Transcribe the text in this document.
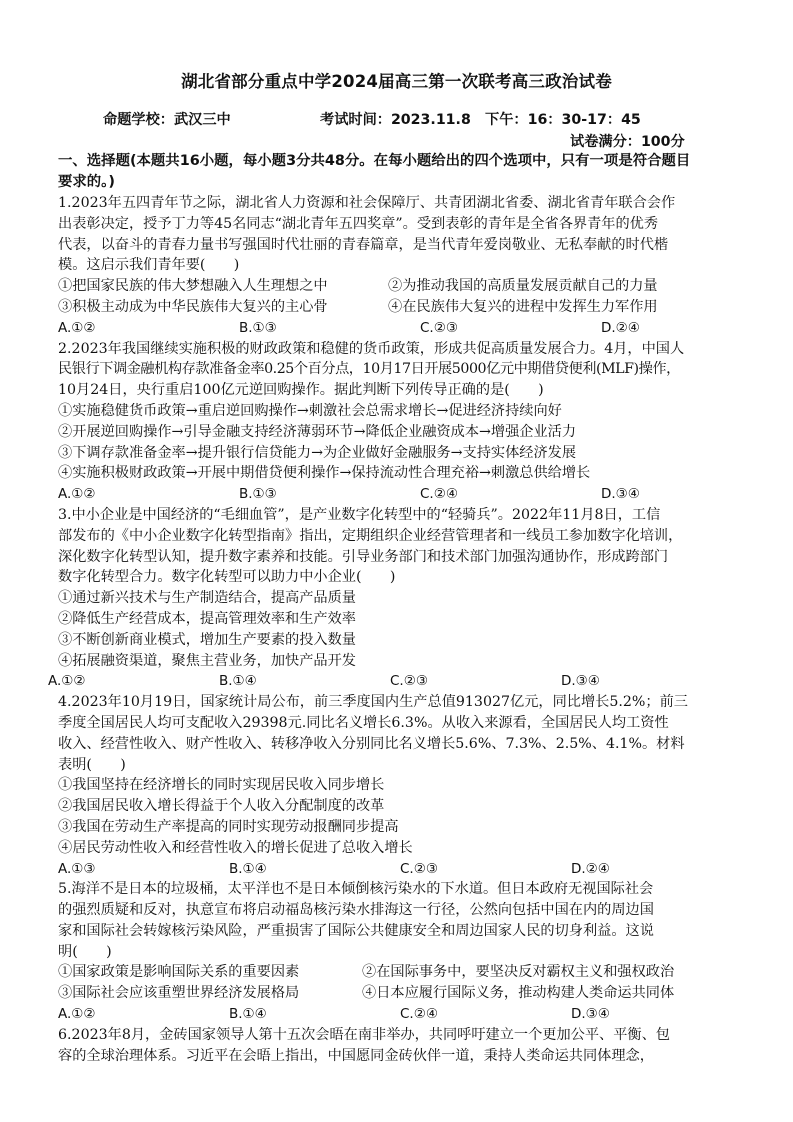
湖北省部分重点中学2024届高三第一次联考高三政治试卷
命题学校：武汉三中	考试时间：2023.11.8　下午：16：30-17：45
试卷满分：100分

一、选择题(本题共16小题，每小题3分共48分。在每小题给出的四个选项中，只有一项是符合题目

要求的。)

1.2023年五四青年节之际，湖北省人力资源和社会保障厅、共青团湖北省委、湖北省青年联合会作

出表彰决定，授予丁力等45名同志“湖北青年五四奖章”。受到表彰的青年是全省各界青年的优秀

代表，以奋斗的青春力量书写强国时代壮丽的青春篇章，是当代青年爱岗敬业、无私奉献的时代楷

模。这启示我们青年要(　　)

①把国家民族的伟大梦想融入人生理想之中	②为推动我国的高质量发展贡献自己的力量
③积极主动成为中华民族伟大复兴的主心骨	④在民族伟大复兴的进程中发挥生力军作用
A.①②	B.①③	C.②③	D.②④

2.2023年我国继续实施积极的财政政策和稳健的货币政策，形成共促高质量发展合力。4月，中国人

民银行下调金融机构存款准备金率0.25个百分点，10月17日开展5000亿元中期借贷便利(MLF)操作，

10月24日，央行重启100亿元逆回购操作。据此判断下列传导正确的是(　　)

①实施稳健货币政策→重启逆回购操作→刺激社会总需求增长→促进经济持续向好

②开展逆回购操作→引导金融支持经济薄弱环节→降低企业融资成本→增强企业活力

③下调存款准备金率→提升银行信贷能力→为企业做好金融服务→支持实体经济发展

④实施积极财政政策→开展中期借贷便利操作→保持流动性合理充裕→刺激总供给增长

A.①②	B.①③	C.②④	D.③④

3.中小企业是中国经济的“毛细血管”，是产业数字化转型中的“轻骑兵”。2022年11月8日，工信

部发布的《中小企业数字化转型指南》指出，定期组织企业经营管理者和一线员工参加数字化培训，

深化数字化转型认知，提升数字素养和技能。引导业务部门和技术部门加强沟通协作，形成跨部门

数字化转型合力。数字化转型可以助力中小企业(　　)

①通过新兴技术与生产制造结合，提高产品质量

②降低生产经营成本，提高管理效率和生产效率

③不断创新商业模式，增加生产要素的投入数量

④拓展融资渠道，聚焦主营业务，加快产品开发

A.①②	B.①④	C.②③	D.③④

4.2023年10月19日，国家统计局公布，前三季度国内生产总值913027亿元，同比增长5.2%；前三

季度全国居民人均可支配收入29398元.同比名义增长6.3%。从收入来源看，全国居民人均工资性

收入、经营性收入、财产性收入、转移净收入分别同比名义增长5.6%、7.3%、2.5%、4.1%。材料

表明(　　)

①我国坚持在经济增长的同时实现居民收入同步增长

②我国居民收入增长得益于个人收入分配制度的改革

③我国在劳动生产率提高的同时实现劳动报酬同步提高

④居民劳动性收入和经营性收入的增长促进了总收入增长

A.①③	B.①④	C.②③	D.②④

5.海洋不是日本的垃圾桶，太平洋也不是日本倾倒核污染水的下水道。但日本政府无视国际社会

的强烈质疑和反对，执意宣布将启动福岛核污染水排海这一行径，公然向包括中国在内的周边国

家和国际社会转嫁核污染风险，严重损害了国际公共健康安全和周边国家人民的切身利益。这说

明(　　)

①国家政策是影响国际关系的重要因素	②在国际事务中，要坚决反对霸权主义和强权政治
③国际社会应该重塑世界经济发展格局	④日本应履行国际义务，推动构建人类命运共同体
A.①②	B.①④	C.②④	D.③④

6.2023年8月，金砖国家领导人第十五次会晤在南非举办，共同呼吁建立一个更加公平、平衡、包

容的全球治理体系。习近平在会晤上指出，中国愿同金砖伙伴一道，秉持人类命运共同体理念，
